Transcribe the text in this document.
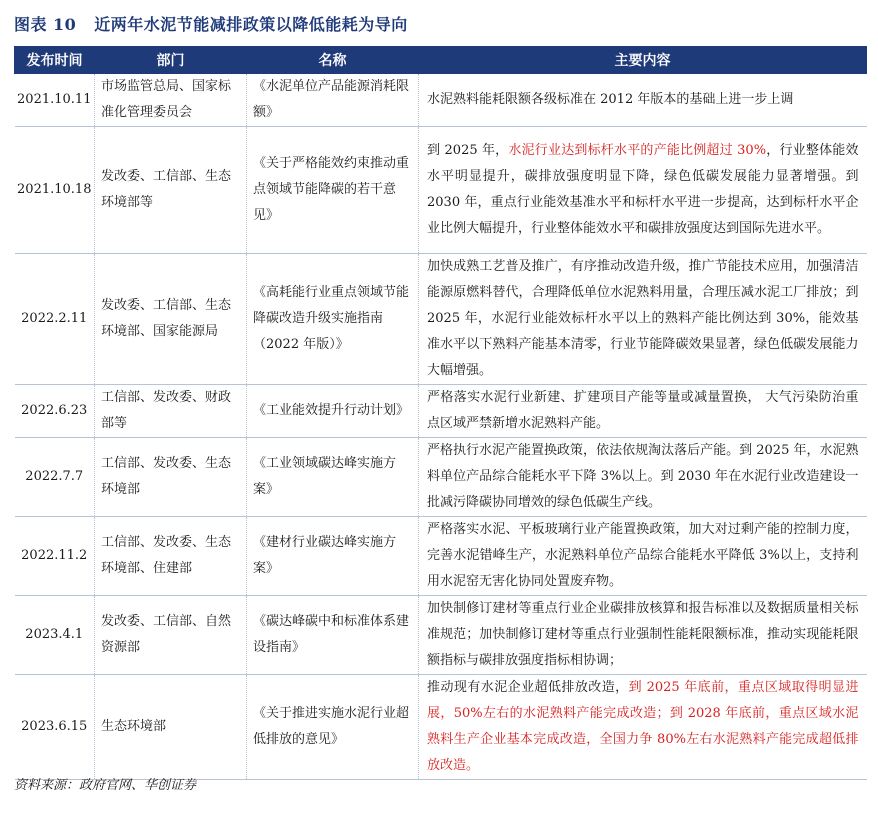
图表 10 近两年水泥节能减排政策以降低能耗为导向
发布时间	部门	名称	主要内容
2021.10.11	市场监管总局、国家标准化管理委员会	《水泥单位产品能源消耗限额》	水泥熟料能耗限额各级标准在 2012 年版本的基础上进一步上调
2021.10.18	发改委、工信部、生态环境部等	《关于严格能效约束推动重点领域节能降碳的若干意见》	到 2025 年，水泥行业达到标杆水平的产能比例超过 30%，行业整体能效水平明显提升，碳排放强度明显下降，绿色低碳发展能力显著增强。到 2030 年，重点行业能效基准水平和标杆水平进一步提高，达到标杆水平企业比例大幅提升，行业整体能效水平和碳排放强度达到国际先进水平。
2022.2.11	发改委、工信部、生态环境部、国家能源局	《高耗能行业重点领域节能降碳改造升级实施指南（2022 年版）》	加快成熟工艺普及推广，有序推动改造升级，推广节能技术应用，加强清洁能源原燃料替代，合理降低单位水泥熟料用量，合理压减水泥工厂排放；到 2025 年，水泥行业能效标杆水平以上的熟料产能比例达到 30%，能效基准水平以下熟料产能基本清零，行业节能降碳效果显著，绿色低碳发展能力大幅增强。
2022.6.23	工信部、发改委、财政部等	《工业能效提升行动计划》	严格落实水泥行业新建、扩建项目产能等量或减量置换， 大气污染防治重点区域严禁新增水泥熟料产能。
2022.7.7	工信部、发改委、生态环境部	《工业领域碳达峰实施方案》	严格执行水泥产能置换政策，依法依规淘汰落后产能。到 2025 年，水泥熟料单位产品综合能耗水平下降 3%以上。到 2030 年在水泥行业改造建设一批减污降碳协同增效的绿色低碳生产线。
2022.11.2	工信部、发改委、生态环境部、住建部	《建材行业碳达峰实施方案》	严格落实水泥、平板玻璃行业产能置换政策，加大对过剩产能的控制力度，完善水泥错峰生产，水泥熟料单位产品综合能耗水平降低 3%以上，支持利用水泥窑无害化协同处置废弃物。
2023.4.1	发改委、工信部、自然资源部	《碳达峰碳中和标准体系建设指南》	加快制修订建材等重点行业企业碳排放核算和报告标准以及数据质量相关标准规范；加快制修订建材等重点行业强制性能耗限额标准，推动实现能耗限额指标与碳排放强度指标相协调；
2023.6.15	生态环境部	《关于推进实施水泥行业超低排放的意见》	推动现有水泥企业超低排放改造，到 2025 年底前，重点区域取得明显进展，50%左右的水泥熟料产能完成改造；到 2028 年底前，重点区域水泥熟料生产企业基本完成改造，全国力争 80%左右水泥熟料产能完成超低排放改造。
资料来源：政府官网、华创证券
